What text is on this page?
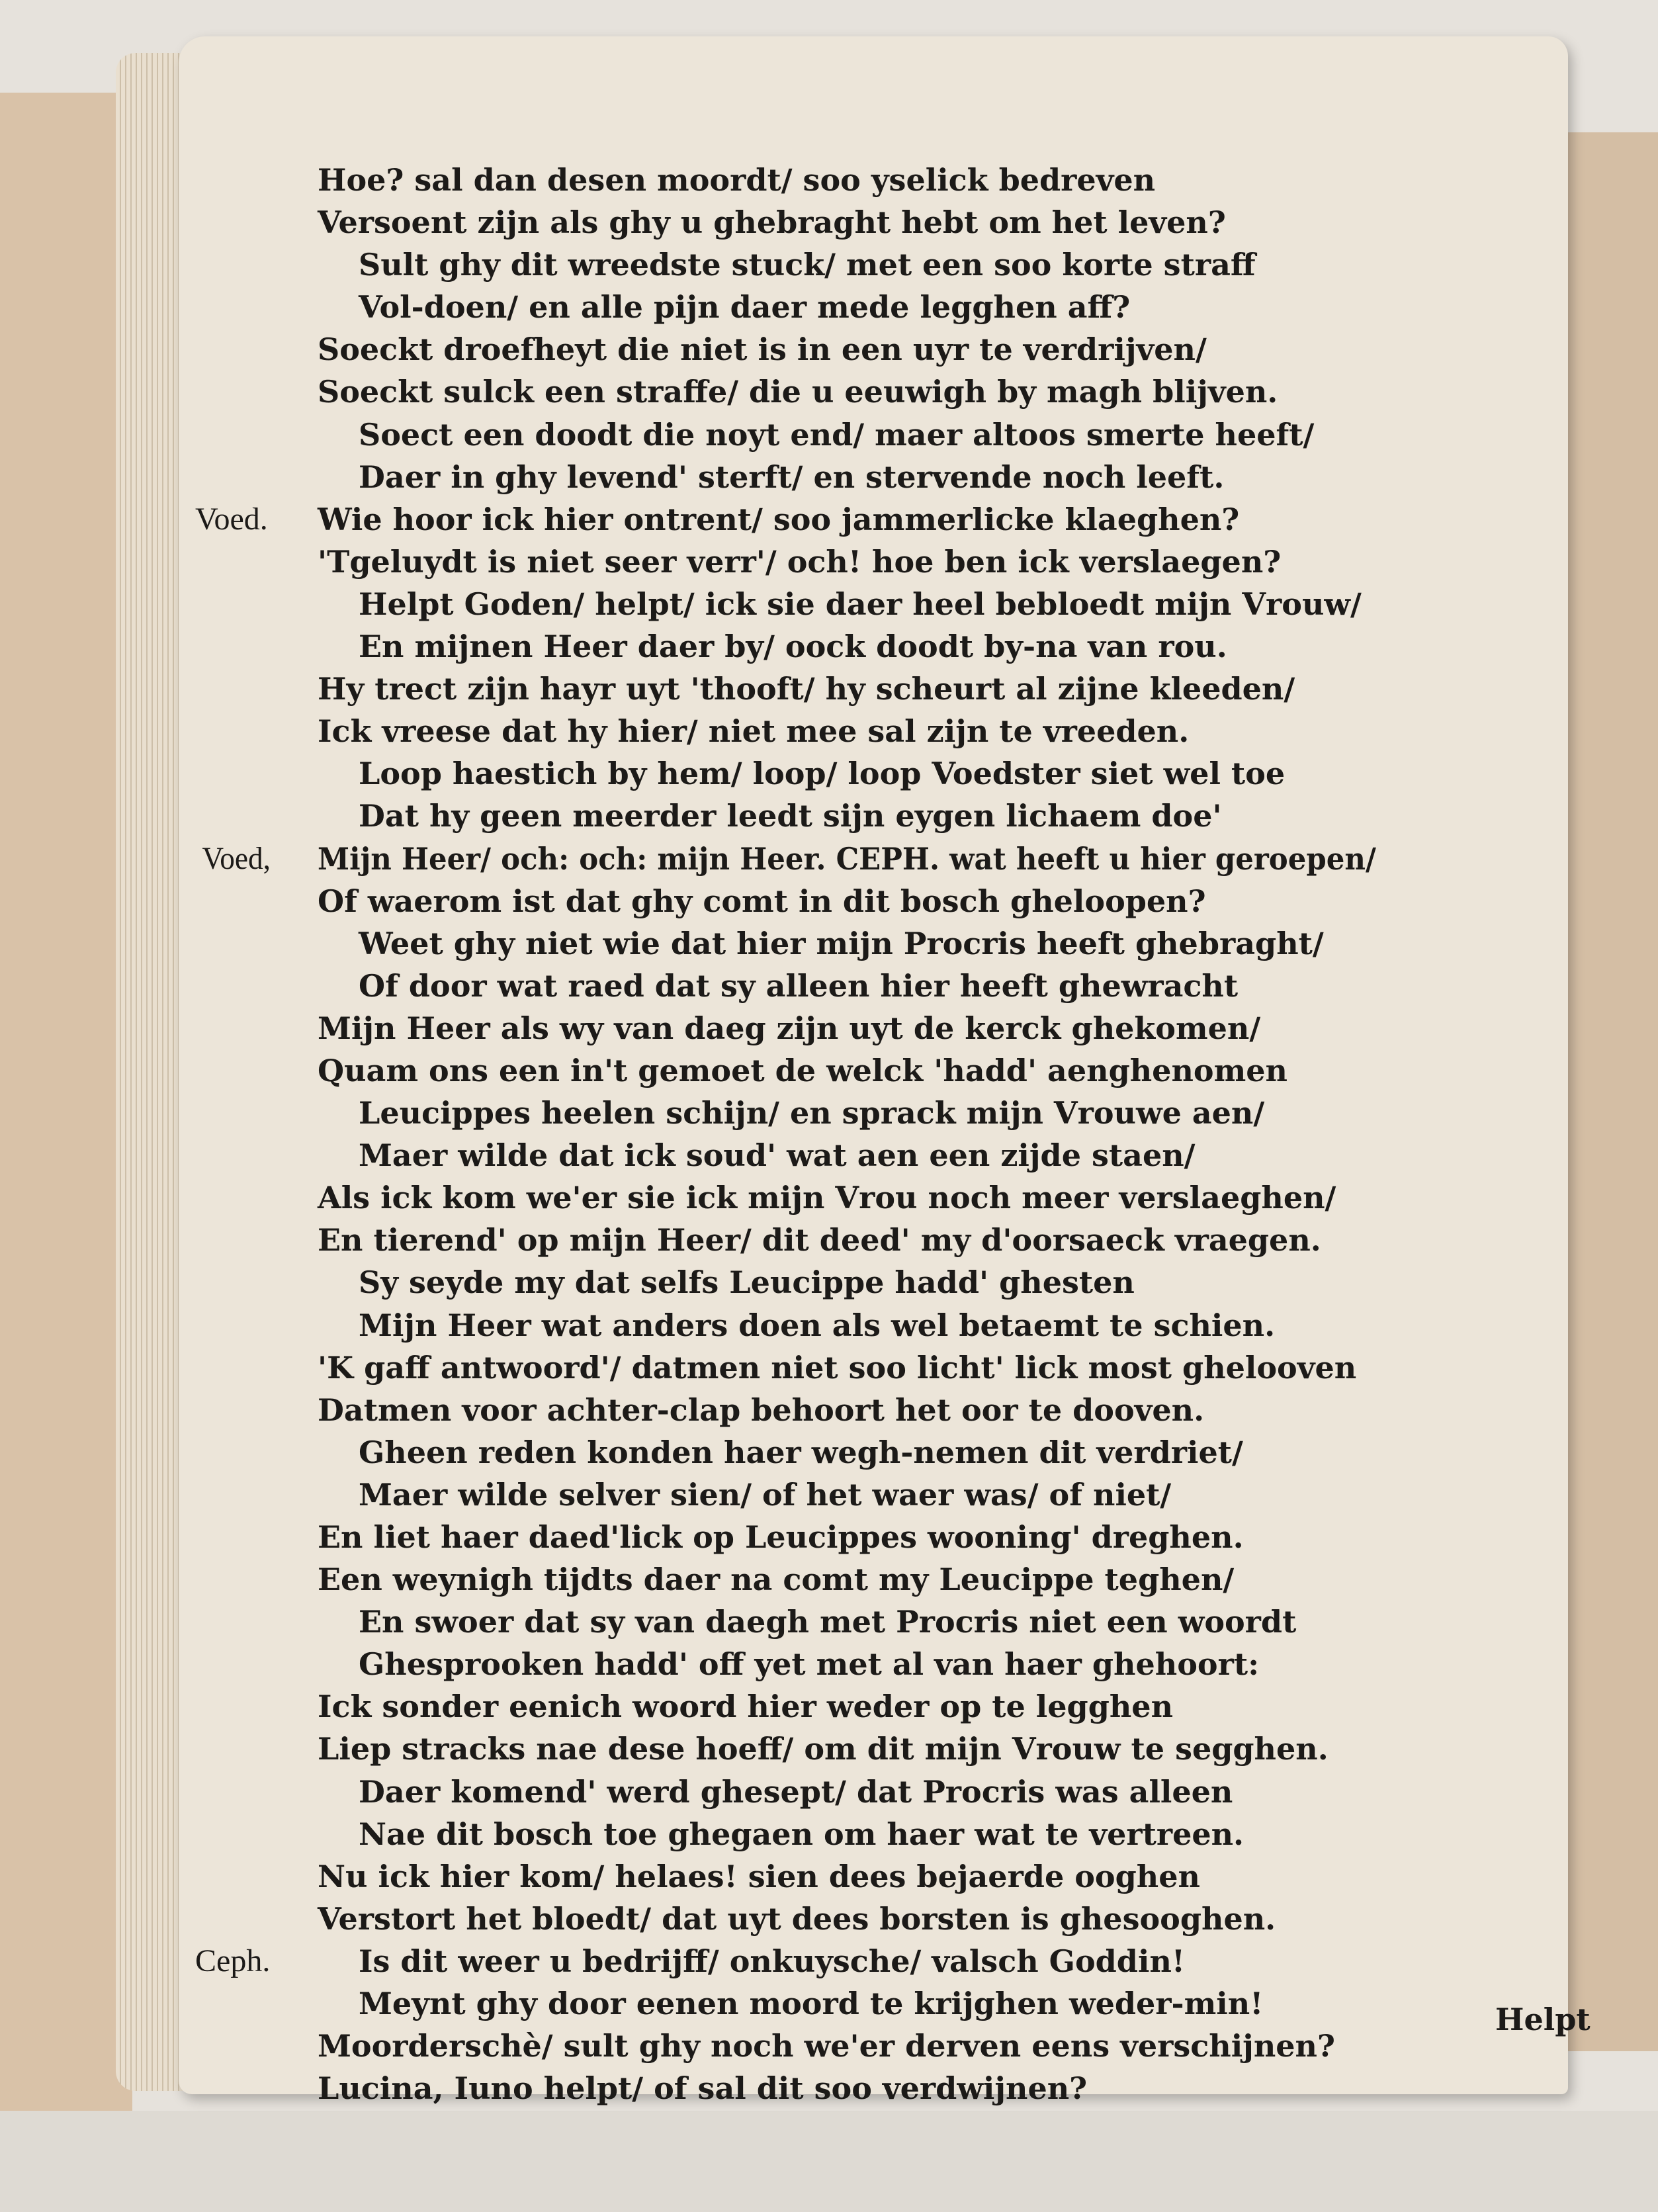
Hoe? sal dan desen moordt/ soo yselick bedreven
Versoent zijn als ghy u ghebraght hebt om het leven?
Sult ghy dit wreedste stuck/ met een soo korte straff
Vol-doen/ en alle pijn daer mede legghen aff?
Soeckt droefheyt die niet is in een uyr te verdrijven/
Soeckt sulck een straffe/ die u eeuwigh by magh blijven.
Soect een doodt die noyt end/ maer altoos smerte heeft/
Daer in ghy levend' sterft/ en stervende noch leeft.
Voed. Wie hoor ick hier ontrent/ soo jammerlicke klaeghen?
'Tgeluydt is niet seer verr'/ och! hoe ben ick verslaegen?
Helpt Goden/ helpt/ ick sie daer heel bebloedt mijn Vrouw/
En mijnen Heer daer by/ oock doodt by-na van rou.
Hy trect zijn hayr uyt 'thooft/ hy scheurt al zijne kleeden/
Ick vreese dat hy hier/ niet mee sal zijn te vreeden.
Loop haestich by hem/ loop/ loop Voedster siet wel toe
Dat hy geen meerder leedt sijn eygen lichaem doe'
Voed, Mijn Heer/ och: och: mijn Heer. CEPH. wat heeft u hier geroepen/
Of waerom ist dat ghy comt in dit bosch gheloopen?
Weet ghy niet wie dat hier mijn Procris heeft ghebraght/
Of door wat raed dat sy alleen hier heeft ghewracht
Mijn Heer als wy van daeg zijn uyt de kerck ghekomen/
Quam ons een in't gemoet de welck 'hadd' aenghenomen
Leucippes heelen schijn/ en sprack mijn Vrouwe aen/
Maer wilde dat ick soud' wat aen een zijde staen/
Als ick kom we'er sie ick mijn Vrou noch meer verslaeghen/
En tierend' op mijn Heer/ dit deed' my d'oorsaeck vraegen.
Sy seyde my dat selfs Leucippe hadd' ghesten
Mijn Heer wat anders doen als wel betaemt te schien.
'K gaff antwoord'/ datmen niet soo licht' lick most ghelooven
Datmen voor achter-clap behoort het oor te dooven.
Gheen reden konden haer wegh-nemen dit verdriet/
Maer wilde selver sien/ of het waer was/ of niet/
En liet haer daed'lick op Leucippes wooning' dreghen.
Een weynigh tijdts daer na comt my Leucippe teghen/
En swoer dat sy van daegh met Procris niet een woordt
Ghesprooken hadd' off yet met al van haer ghehoort:
Ick sonder eenich woord hier weder op te legghen
Liep stracks nae dese hoeff/ om dit mijn Vrouw te segghen.
Daer komend' werd ghesept/ dat Procris was alleen
Nae dit bosch toe ghegaen om haer wat te vertreen.
Nu ick hier kom/ helaes! sien dees bejaerde ooghen
Verstort het bloedt/ dat uyt dees borsten is ghesooghen.
Ceph.	Is dit weer u bedrijff/ onkuysche/ valsch Goddin!
Meynt ghy door eenen moord te krijghen weder-min!
Moorderschè/ sult ghy noch we'er derven eens verschijnen?
Lucina, Iuno helpt/ of sal dit soo verdwijnen?
Helpt
